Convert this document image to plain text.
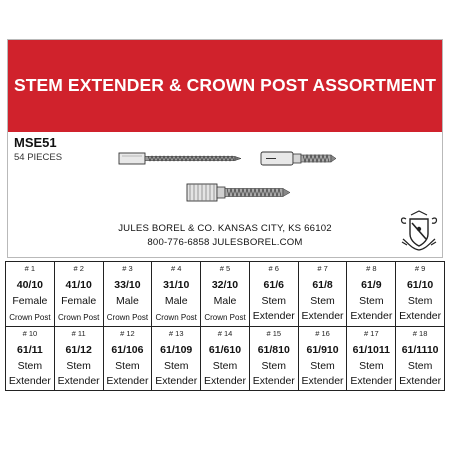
STEM EXTENDER & CROWN POST ASSORTMENT
MSE51
54 PIECES
JULES BOREL & CO. KANSAS CITY, KS 66102
800-776-6858 JULESBOREL.COM
# 1
40/10
Female
Crown Post
# 2
41/10
Female
Crown Post
# 3
33/10
Male
Crown Post
# 4
31/10
Male
Crown Post
# 5
32/10
Male
Crown Post
# 6
61/6
Stem
Extender
# 7
61/8
Stem
Extender
# 8
61/9
Stem
Extender
# 9
61/10
Stem
Extender
# 10
61/11
Stem
Extender
# 11
61/12
Stem
Extender
# 12
61/106
Stem
Extender
# 13
61/109
Stem
Extender
# 14
61/610
Stem
Extender
# 15
61/810
Stem
Extender
# 16
61/910
Stem
Extender
# 17
61/1011
Stem
Extender
# 18
61/1110
Stem
Extender
